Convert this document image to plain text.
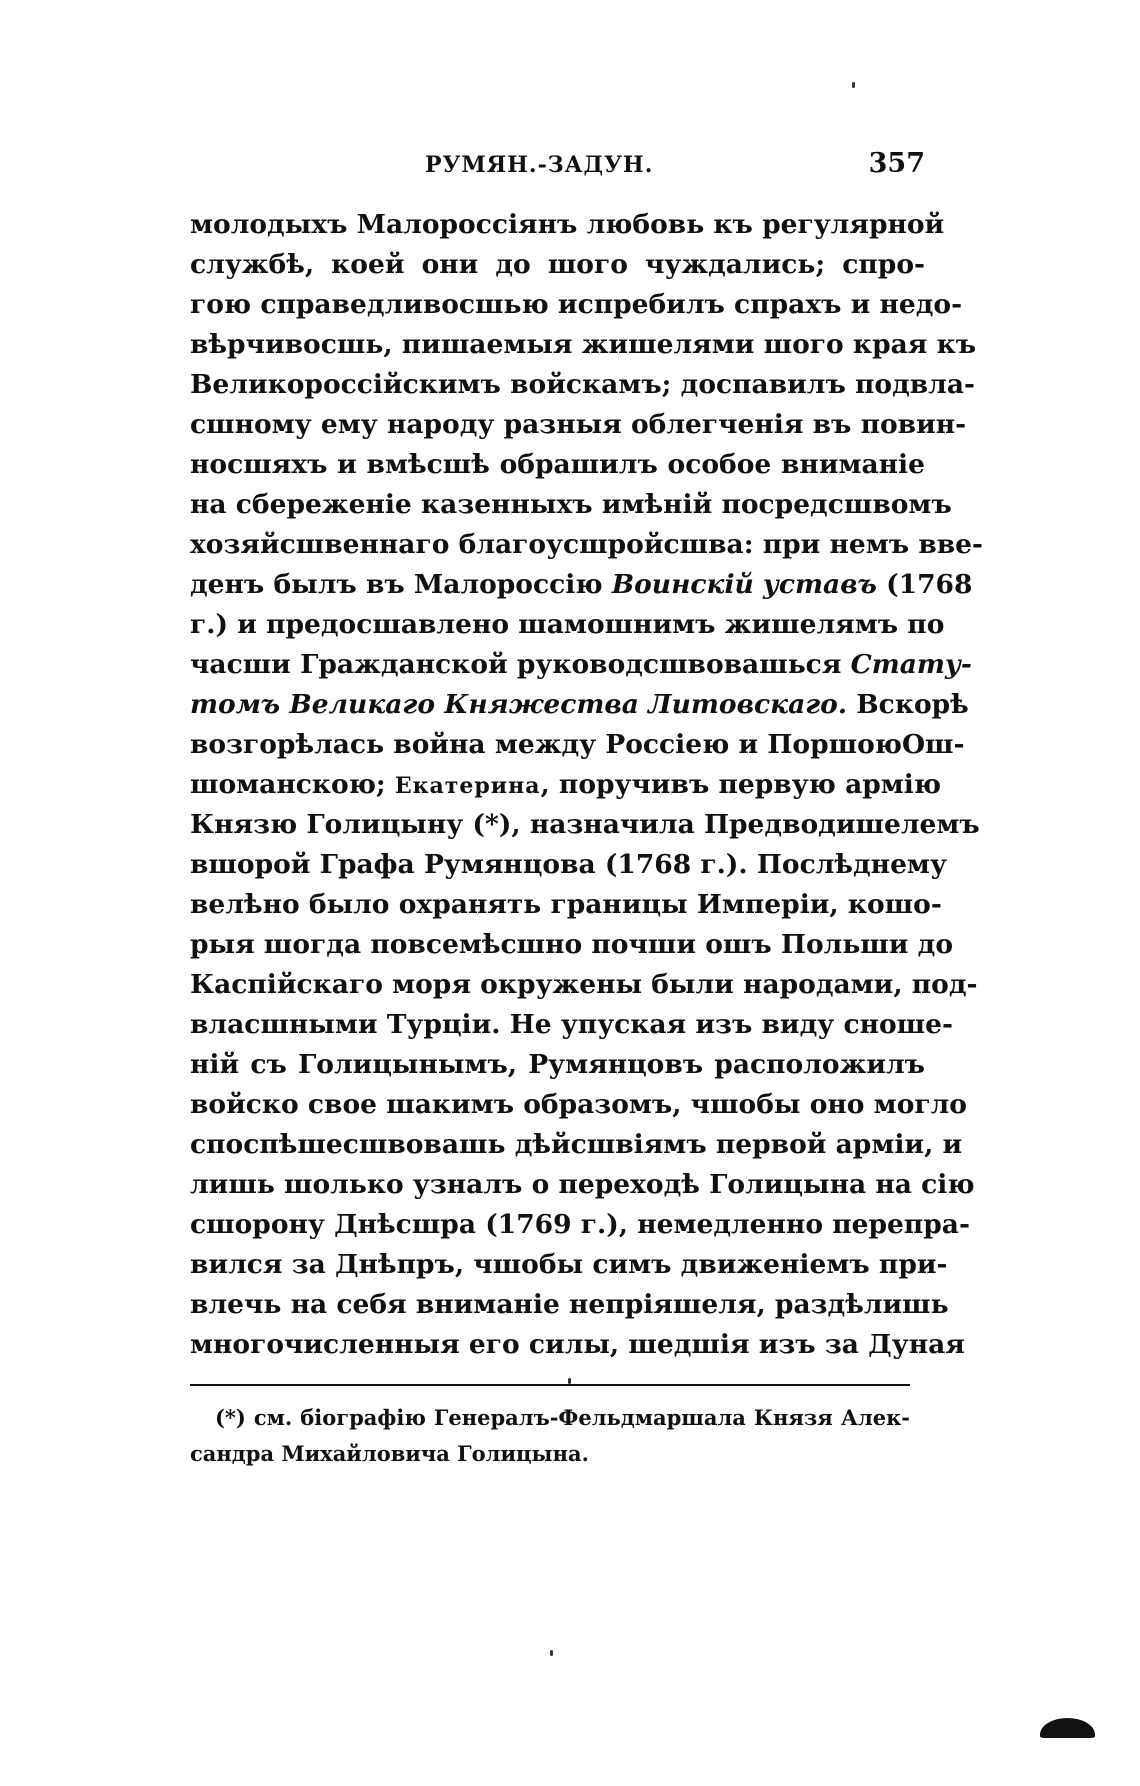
РУМЯН.-ЗАДУН.	357
молодыхъ Малороссіянъ любовь къ регулярной
службѣ, коей они до шого чуждались; спро-
гою справедливосшью испребилъ спрахъ и недо-
вѣрчивосшь, пишаемыя жишелями шого края къ
Великороссійскимъ войскамъ; доспавилъ подвла-
сшному ему народу разныя облегченія въ повин-
носшяхъ и вмѣсшѣ обрашилъ особое вниманіе
на сбереженіе казенныхъ имѣній посредсшвомъ
хозяйсшвеннаго благоусшройсшва: при немъ вве-
денъ былъ въ Малороссію Воинскій уставъ (1768
г.) и предосшавлено шамошнимъ жишелямъ по
часши Гражданской руководсшвовашься Стату-
томъ Великаго Княжества Литовскаго. Вскорѣ
возгорѣлась война между Россіею и ПоршоюОш-
шоманскою; Екатерина, поручивъ первую армію
Князю Голицыну (*), назначила Предводишелемъ
вшорой Графа Румянцова (1768 г.). Послѣднему
велѣно было охранять границы Имперіи, кошо-
рыя шогда повсемѣсшно почши ошъ Польши до
Каспійскаго моря окружены были народами, под-
власшными Турціи. Не упуская изъ виду сноше-
ній съ Голицынымъ, Румянцовъ расположилъ
войско свое шакимъ образомъ, чшобы оно могло
споспѣшесшвовашь дѣйсшвіямъ первой арміи, и
лишь шолько узналъ о переходѣ Голицына на сію
сшорону Днѣсшра (1769 г.), немедленно перепра-
вился за Днѣпръ, чшобы симъ движеніемъ при-
влечь на себя вниманіе непріяшеля, раздѣлишь
многочисленныя его силы, шедшія изъ за Дуная
(*) см. біографію Генералъ-Фельдмаршала Князя Алек-
сандра Михайловича Голицына.
